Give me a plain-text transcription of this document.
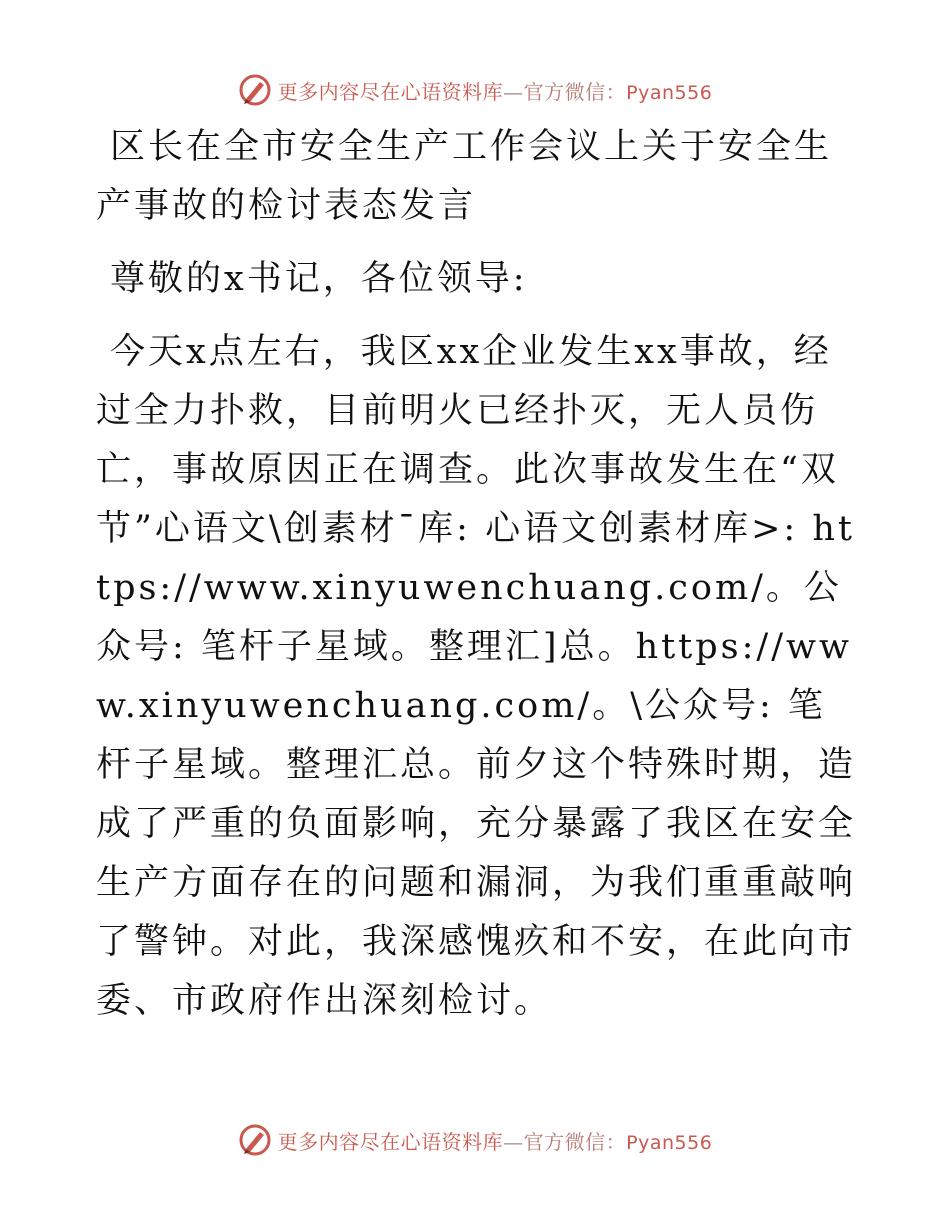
更多内容尽在心语资料库—官方微信：Pyan556

区长在全市安全生产工作会议上关于安全生产事故的检讨表态发言

尊敬的x书记，各位领导:

今天x点左右，我区xx企业发生xx事故，经过全力扑救，目前明火已经扑灭，无人员伤亡，事故原因正在调查。此次事故发生在“双节”心语文\创素材¯库: 心语文创素材库>: https://www.xinyuwenchuang.com/。公众号: 笔杆子星域。整理汇]总。https://www.xinyuwenchuang.com/。\公众号: 笔杆子星域。整理汇总。前夕这个特殊时期，造成了严重的负面影响，充分暴露了我区在安全生产方面存在的问题和漏洞，为我们重重敲响了警钟。对此，我深感愧疚和不安，在此向市委、市政府作出深刻检讨。

更多内容尽在心语资料库—官方微信：Pyan556
